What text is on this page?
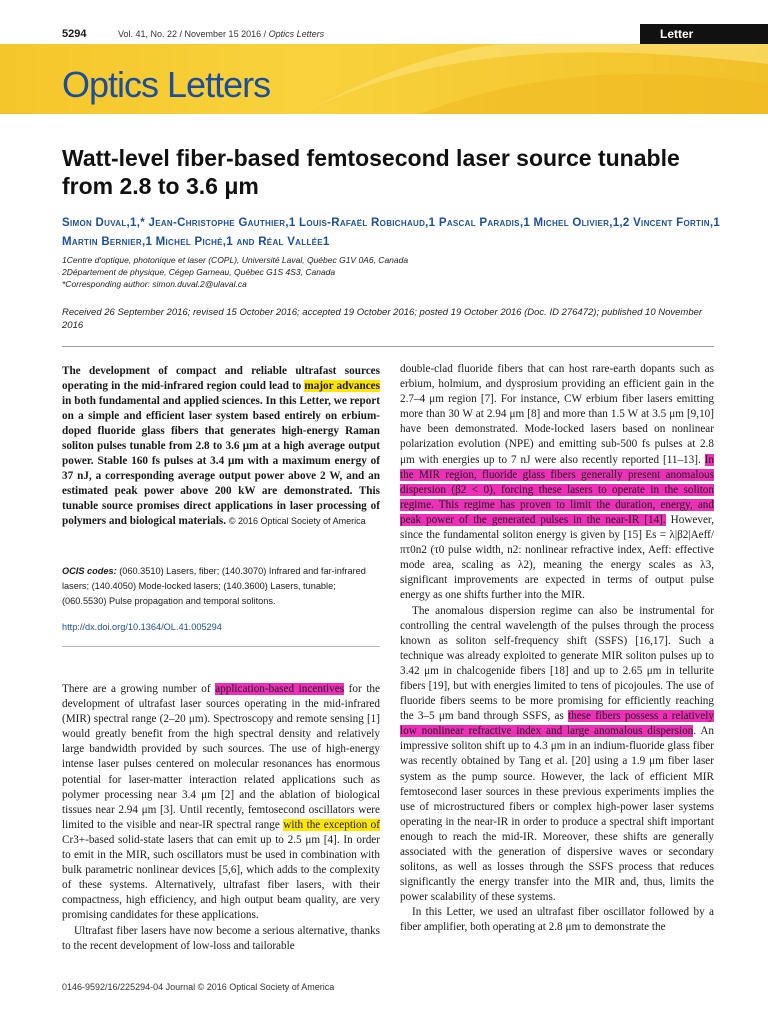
5294	Vol. 41, No. 22 / November 15 2016 / Optics Letters	Letter
Optics Letters
Watt-level fiber-based femtosecond laser source tunable from 2.8 to 3.6 μm
Simon Duval,1,* Jean-Christophe Gauthier,1 Louis-Rafaël Robichaud,1 Pascal Paradis,1 Michel Olivier,1,2 Vincent Fortin,1 Martin Bernier,1 Michel Piché,1 and Réal Vallée1

1Centre d'optique, photonique et laser (COPL), Université Laval, Québec G1V 0A6, Canada

2Département de physique, Cégep Garneau, Québec G1S 4S3, Canada

*Corresponding author: simon.duval.2@ulaval.ca

Received 26 September 2016; revised 15 October 2016; accepted 19 October 2016; posted 19 October 2016 (Doc. ID 276472); published 10 November 2016
The development of compact and reliable ultrafast sources operating in the mid-infrared region could lead to major advances in both fundamental and applied sciences. In this Letter, we report on a simple and efficient laser system based entirely on erbium-doped fluoride glass fibers that generates high-energy Raman soliton pulses tunable from 2.8 to 3.6 μm at a high average output power. Stable 160 fs pulses at 3.4 μm with a maximum energy of 37 nJ, a corresponding average output power above 2 W, and an estimated peak power above 200 kW are demonstrated. This tunable source promises direct applications in laser processing of polymers and biological materials. © 2016 Optical Society of America
OCIS codes: (060.3510) Lasers, fiber; (140.3070) Infrared and far-infrared lasers; (140.4050) Mode-locked lasers; (140.3600) Lasers, tunable; (060.5530) Pulse propagation and temporal solitons.
http://dx.doi.org/10.1364/OL.41.005294

There are a growing number of application-based incentives for the development of ultrafast laser sources operating in the mid-infrared (MIR) spectral range (2–20 μm). Spectroscopy and remote sensing [1] would greatly benefit from the high spectral density and relatively large bandwidth provided by such sources. The use of high-energy intense laser pulses centered on molecular resonances has enormous potential for laser-matter interaction related applications such as polymer processing near 3.4 μm [2] and the ablation of biological tissues near 2.94 μm [3]. Until recently, femtosecond oscillators were limited to the visible and near-IR spectral range with the exception of Cr3+-based solid-state lasers that can emit up to 2.5 μm [4]. In order to emit in the MIR, such oscillators must be used in combination with bulk parametric nonlinear devices [5,6], which adds to the complexity of these systems. Alternatively, ultrafast fiber lasers, with their compactness, high efficiency, and high output beam quality, are very promising candidates for these applications.

Ultrafast fiber lasers have now become a serious alternative, thanks to the recent development of low-loss and tailorable

double-clad fluoride fibers that can host rare-earth dopants such as erbium, holmium, and dysprosium providing an efficient gain in the 2.7–4 μm region [7]. For instance, CW erbium fiber lasers emitting more than 30 W at 2.94 μm [8] and more than 1.5 W at 3.5 μm [9,10] have been demonstrated. Mode-locked lasers based on nonlinear polarization evolution (NPE) and emitting sub-500 fs pulses at 2.8 μm with energies up to 7 nJ were also recently reported [11–13]. In the MIR region, fluoride glass fibers generally present anomalous dispersion (β2 < 0), forcing these lasers to operate in the soliton regime. This regime has proven to limit the duration, energy, and peak power of the generated pulses in the near-IR [14]. However, since the fundamental soliton energy is given by [15] Es = λ|β2|Aeff/πτ0n2 (τ0 pulse width, n2: nonlinear refractive index, Aeff: effective mode area, scaling as λ2), meaning the energy scales as λ3, significant improvements are expected in terms of output pulse energy as one shifts further into the MIR.

The anomalous dispersion regime can also be instrumental for controlling the central wavelength of the pulses through the process known as soliton self-frequency shift (SSFS) [16,17]. Such a technique was already exploited to generate MIR soliton pulses up to 3.42 μm in chalcogenide fibers [18] and up to 2.65 μm in tellurite fibers [19], but with energies limited to tens of picojoules. The use of fluoride fibers seems to be more promising for efficiently reaching the 3–5 μm band through SSFS, as these fibers possess a relatively low nonlinear refractive index and large anomalous dispersion. An impressive soliton shift up to 4.3 μm in an indium-fluoride glass fiber was recently obtained by Tang et al. [20] using a 1.9 μm fiber laser system as the pump source. However, the lack of efficient MIR femtosecond laser sources in these previous experiments implies the use of microstructured fibers or complex high-power laser systems operating in the near-IR in order to produce a spectral shift important enough to reach the mid-IR. Moreover, these shifts are generally associated with the generation of dispersive waves or secondary solitons, as well as losses through the SSFS process that reduces significantly the energy transfer into the MIR and, thus, limits the power scalability of these systems.

In this Letter, we used an ultrafast fiber oscillator followed by a fiber amplifier, both operating at 2.8 μm to demonstrate the

0146-9592/16/225294-04 Journal © 2016 Optical Society of America
